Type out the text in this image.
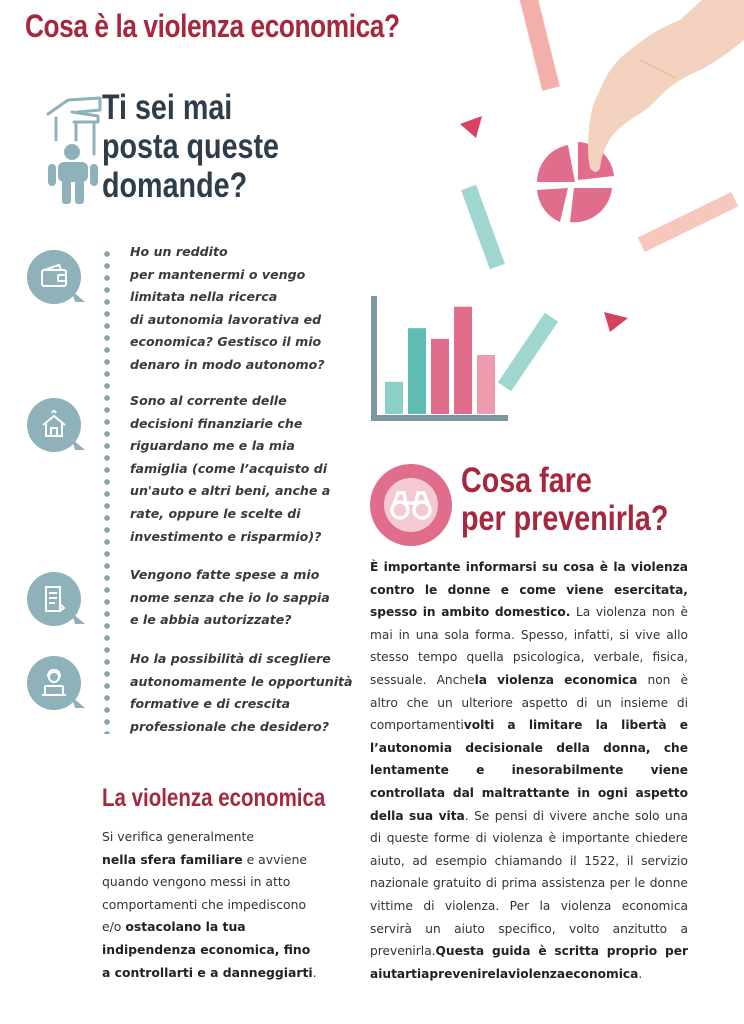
Cosa è la violenza economica?
Ti sei mai
posta queste
domande?
Ho un reddito
per mantenermi o vengo
limitata nella ricerca
di autonomia lavorativa ed
economica? Gestisco il mio
denaro in modo autonomo?
Sono al corrente delle
decisioni finanziarie che
riguardano me e la mia
famiglia (come l’acquisto di
un'auto e altri beni, anche a
rate, oppure le scelte di
investimento e risparmio)?
Vengono fatte spese a mio
nome senza che io lo sappia
e le abbia autorizzate?
Ho la possibilità di scegliere
autonomamente le opportunità
formative e di crescita
professionale che desidero?
La violenza economica
Si verifica generalmente
nella sfera familiare e avviene
quando vengono messi in atto
comportamenti che impediscono
e/o ostacolano la tua
indipendenza economica, fino
a controllarti e a danneggiarti.
Cosa fare
per prevenirla?
È importante informarsi su cosa è la violenza
contro le donne e come viene esercitata,
spesso in ambito domestico. La violenza non è
mai in una sola forma. Spesso, infatti, si vive allo
stesso tempo quella psicologica, verbale, fisica,
sessuale. Anchela violenza economica non è
altro che un ulteriore aspetto di un insieme di
comportamentivolti a limitare la libertà e
l’autonomia decisionale della donna, che
lentamente e inesorabilmente viene
controllata dal maltrattante in ogni aspetto
della sua vita. Se pensi di vivere anche solo una
di queste forme di violenza è importante chiedere
aiuto, ad esempio chiamando il 1522, il servizio
nazionale gratuito di prima assistenza per le donne
vittime di violenza. Per la violenza economica
servirà un aiuto specifico, volto anzitutto a
prevenirla.Questa guida è scritta proprio per
aiutarti a prevenire la violenza economica.
